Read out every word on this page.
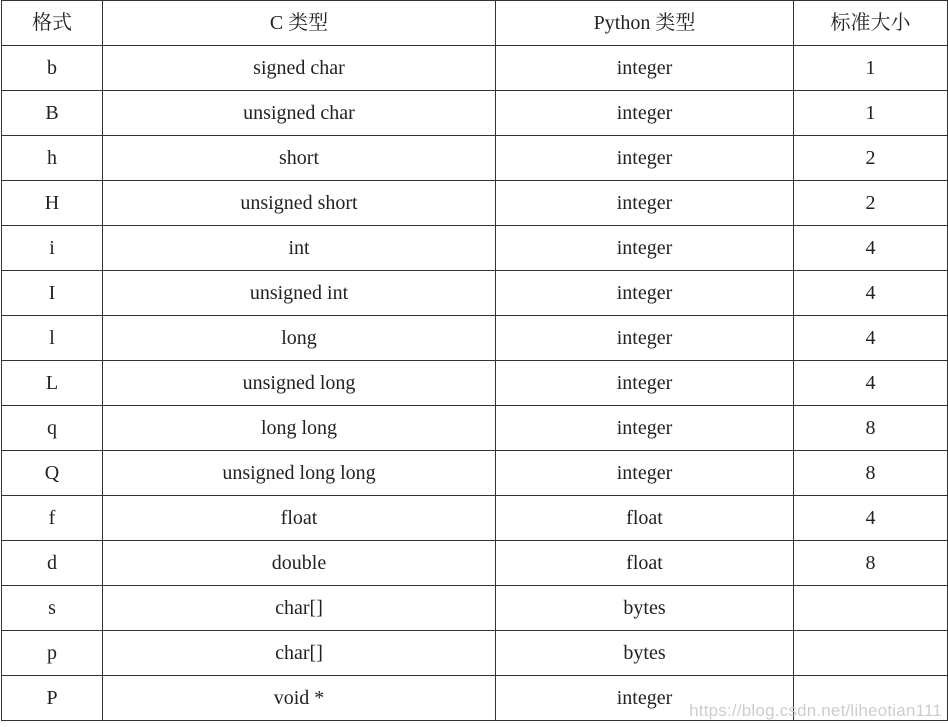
格式	C 类型	Python 类型	标准大小
b	signed char	integer	1
B	unsigned char	integer	1
h	short	integer	2
H	unsigned short	integer	2
i	int	integer	4
I	unsigned int	integer	4
l	long	integer	4
L	unsigned long	integer	4
q	long long	integer	8
Q	unsigned long long	integer	8
f	float	float	4
d	double	float	8
s	char[]	bytes	
p	char[]	bytes	
P	void *	integer	
https://blog.csdn.net/liheotian111
